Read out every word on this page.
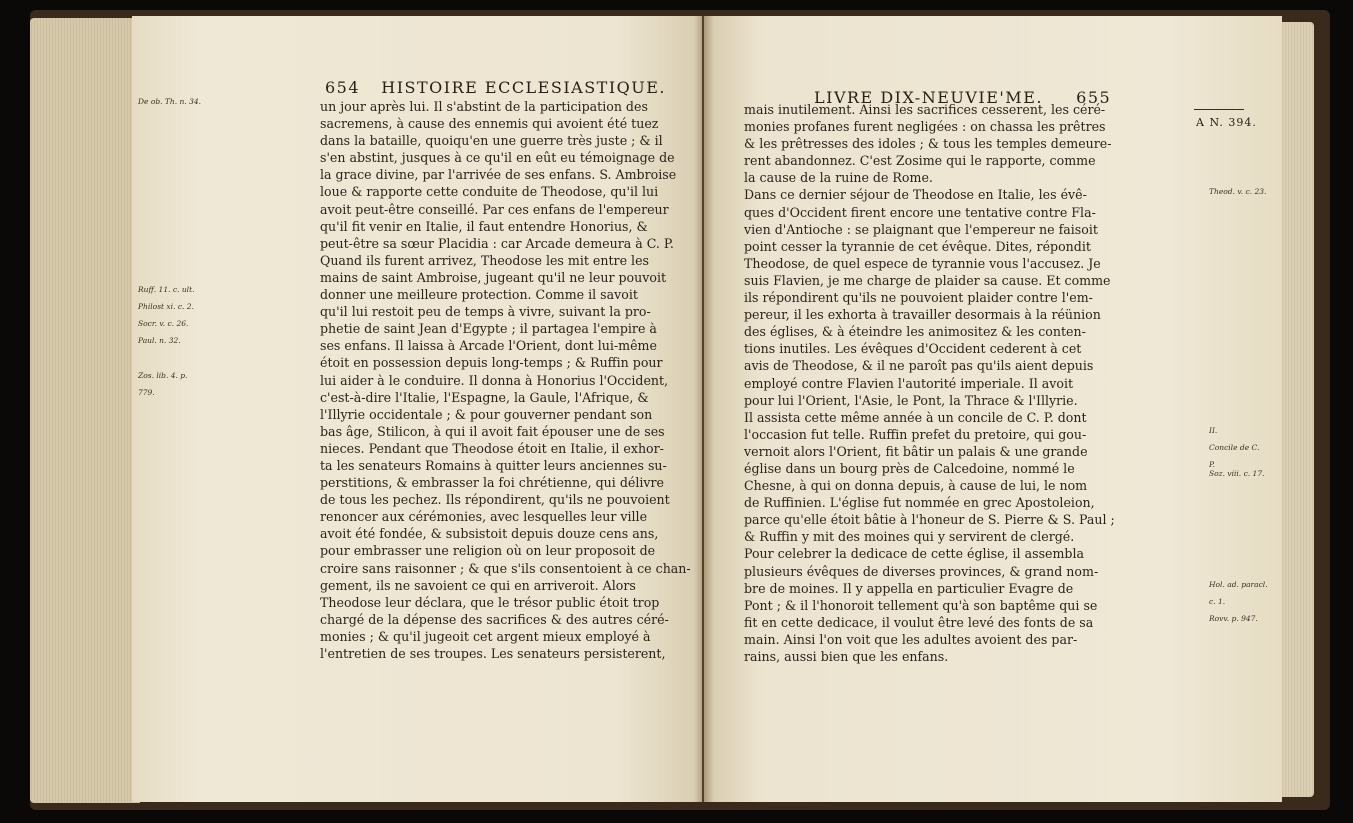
654 HISTOIRE ECCLESIASTIQUE.
De ob. Th. n. 34.
Ruff. 11. c. ult.
Philost xi. c. 2.
Socr. v. c. 26.
Paul. n. 32.
Zos. lib. 4. p.
779.
un jour après lui. Il s'abstint de la participation des
sacremens, à cause des ennemis qui avoient été tuez
dans la bataille, quoiqu'en une guerre très juste ; & il
s'en abstint, jusques à ce qu'il en eût eu témoignage de
la grace divine, par l'arrivée de ses enfans. S. Ambroise
loue & rapporte cette conduite de Theodose, qu'il lui
avoit peut-être conseillé. Par ces enfans de l'empereur
qu'il fit venir en Italie, il faut entendre Honorius, &
peut-être sa sœur Placidia : car Arcade demeura à C. P.
Quand ils furent arrivez, Theodose les mit entre les
mains de saint Ambroise, jugeant qu'il ne leur pouvoit
donner une meilleure protection. Comme il savoit
qu'il lui restoit peu de temps à vivre, suivant la pro-
phetie de saint Jean d'Egypte ; il partagea l'empire à
ses enfans. Il laissa à Arcade l'Orient, dont lui-même
étoit en possession depuis long-temps ; & Ruffin pour
lui aider à le conduire. Il donna à Honorius l'Occident,
c'est-à-dire l'Italie, l'Espagne, la Gaule, l'Afrique, &
l'Illyrie occidentale ; & pour gouverner pendant son
bas âge, Stilicon, à qui il avoit fait épouser une de ses
nieces. Pendant que Theodose étoit en Italie, il exhor-
ta les senateurs Romains à quitter leurs anciennes su-
perstitions, & embrasser la foi chrétienne, qui délivre
de tous les pechez. Ils répondirent, qu'ils ne pouvoient
renoncer aux cérémonies, avec lesquelles leur ville
avoit été fondée, & subsistoit depuis douze cens ans,
pour embrasser une religion où on leur proposoit de
croire sans raisonner ; & que s'ils consentoient à ce chan-
gement, ils ne savoient ce qui en arriveroit. Alors
Theodose leur déclara, que le trésor public étoit trop
chargé de la dépense des sacrifices & des autres céré-
monies ; & qu'il jugeoit cet argent mieux employé à
l'entretien de ses troupes. Les senateurs persisterent,
LIVRE DIX-NEUVIE'ME. 655
A N. 394.
mais inutilement. Ainsi les sacrifices cesserent, les céré-
monies profanes furent negligées : on chassa les prêtres
& les prêtresses des idoles ; & tous les temples demeure-
rent abandonnez. C'est Zosime qui le rapporte, comme
la cause de la ruine de Rome.
Dans ce dernier séjour de Theodose en Italie, les évê-
ques d'Occident firent encore une tentative contre Fla-
vien d'Antioche : se plaignant que l'empereur ne faisoit
point cesser la tyrannie de cet évêque. Dites, répondit
Theodose, de quel espece de tyrannie vous l'accusez. Je
suis Flavien, je me charge de plaider sa cause. Et comme
ils répondirent qu'ils ne pouvoient plaider contre l'em-
pereur, il les exhorta à travailler desormais à la réünion
des églises, & à éteindre les animositez & les conten-
tions inutiles. Les évêques d'Occident cederent à cet
avis de Theodose, & il ne paroît pas qu'ils aient depuis
employé contre Flavien l'autorité imperiale. Il avoit
pour lui l'Orient, l'Asie, le Pont, la Thrace & l'Illyrie.
Il assista cette même année à un concile de C. P. dont
l'occasion fut telle. Ruffin prefet du pretoire, qui gou-
vernoit alors l'Orient, fit bâtir un palais & une grande
église dans un bourg près de Calcedoine, nommé le
Chesne, à qui on donna depuis, à cause de lui, le nom
de Ruffinien. L'église fut nommée en grec Apostoleion,
parce qu'elle étoit bâtie à l'honeur de S. Pierre & S. Paul ;
& Ruffin y mit des moines qui y servirent de clergé.
Pour celebrer la dedicace de cette église, il assembla
plusieurs évêques de diverses provinces, & grand nom-
bre de moines. Il y appella en particulier Evagre de
Pont ; & il l'honoroit tellement qu'à son baptême qui se
fit en cette dedicace, il voulut être levé des fonts de sa
main. Ainsi l'on voit que les adultes avoient des par-
rains, aussi bien que les enfans.
Theod. v. c. 23.
II.
Concile de C.
P.
Soz. viii. c. 17.
Hol. ad. paracl.
c. 1.
Rovv. p. 947.
